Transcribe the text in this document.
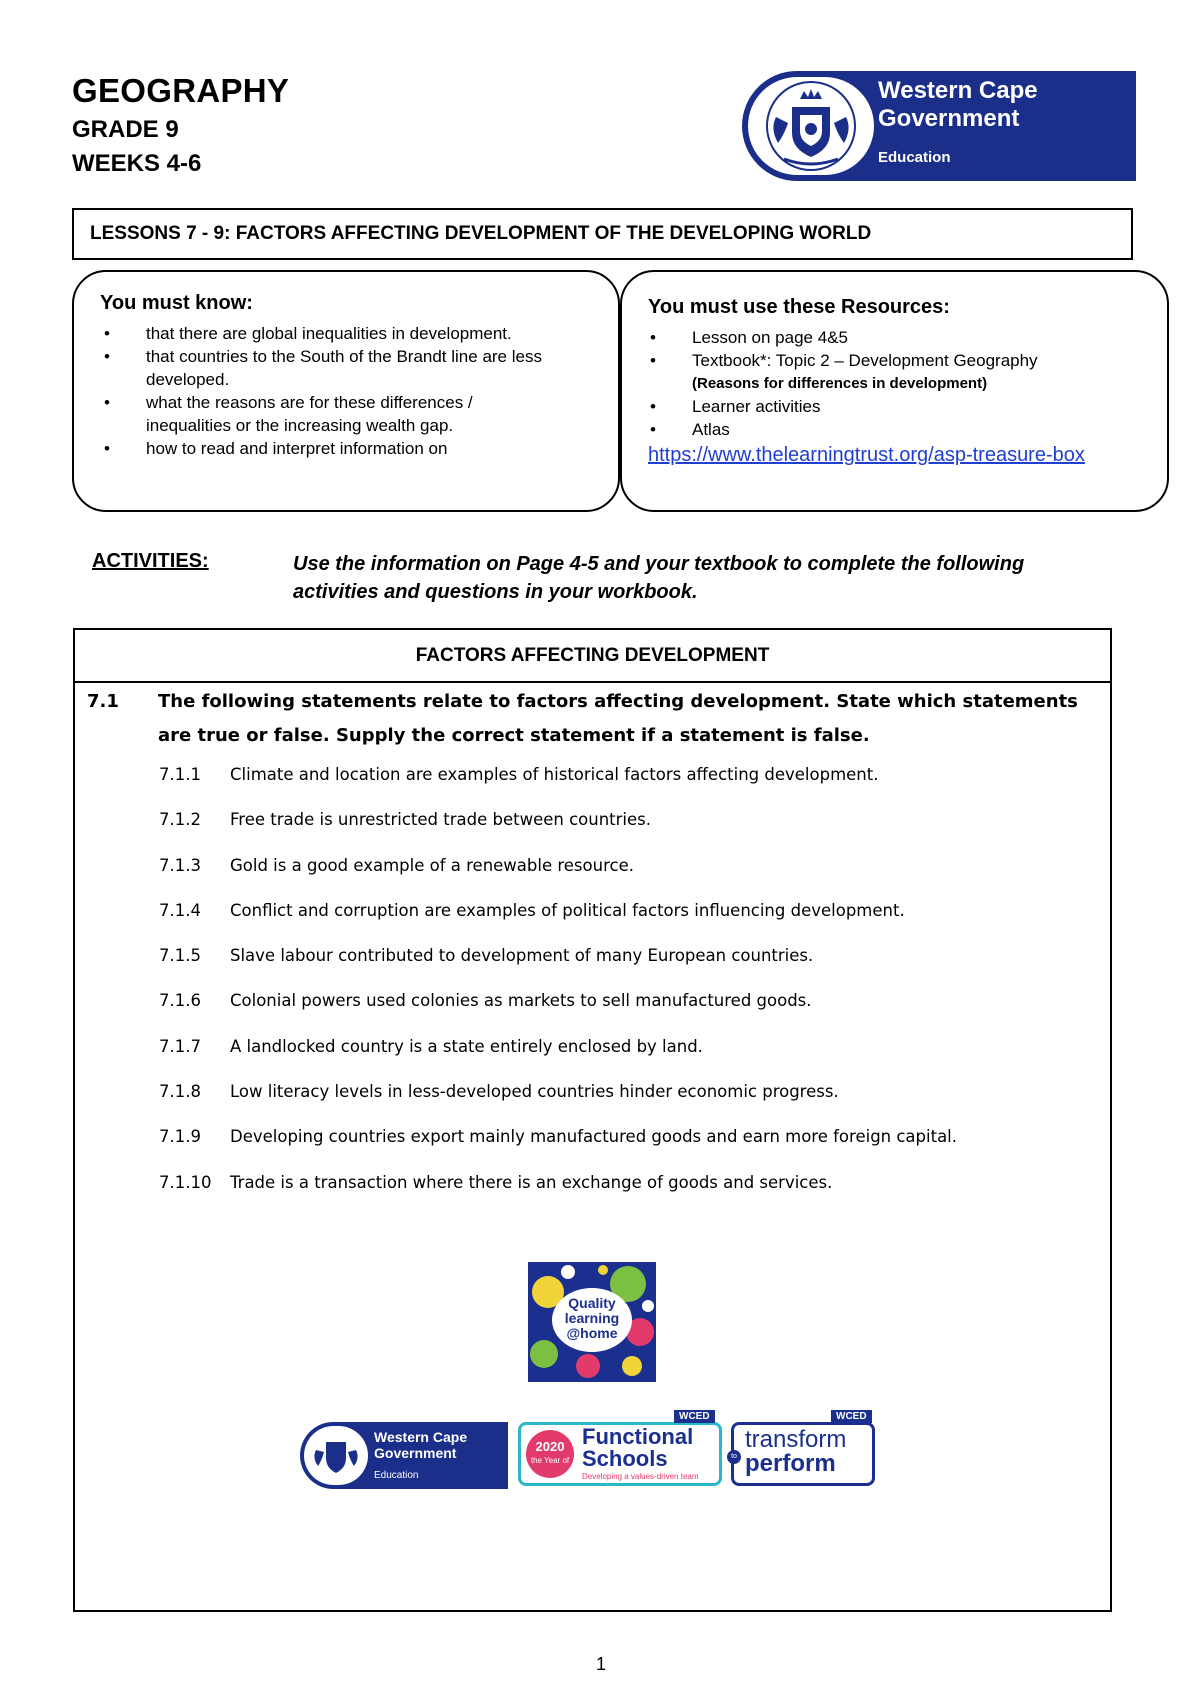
GEOGRAPHY
GRADE 9
WEEKS 4-6
Western Cape
Government
Education
LESSONS 7 - 9: FACTORS AFFECTING DEVELOPMENT OF THE DEVELOPING WORLD
You must know:
• that there are global inequalities in development.
• that countries to the South of the Brandt line are less developed.
• what the reasons are for these differences / inequalities or the increasing wealth gap.
• how to read and interpret information on
You must use these Resources:
• Lesson on page 4&5
• Textbook*: Topic 2 – Development Geography
(Reasons for differences in development)
• Learner activities
• Atlas
https://www.thelearningtrust.org/asp-treasure-box
ACTIVITIES:	Use the information on Page 4-5 and your textbook to complete the following activities and questions in your workbook.
FACTORS AFFECTING DEVELOPMENT
7.1 The following statements relate to factors affecting development. State which statements are true or false. Supply the correct statement if a statement is false.
7.1.1	Climate and location are examples of historical factors affecting development.
7.1.2	Free trade is unrestricted trade between countries.
7.1.3	Gold is a good example of a renewable resource.
7.1.4	Conflict and corruption are examples of political factors influencing development.
7.1.5	Slave labour contributed to development of many European countries.
7.1.6	Colonial powers used colonies as markets to sell manufactured goods.
7.1.7	A landlocked country is a state entirely enclosed by land.
7.1.8	Low literacy levels in less-developed countries hinder economic progress.
7.1.9	Developing countries export mainly manufactured goods and earn more foreign capital.
7.1.10	Trade is a transaction where there is an exchange of goods and services.
Quality
learning
@home
Western Cape
Government
Education
WCED
2020
the Year of
Functional
Schools
Developing a values-driven team
WCED
to
transform
perform
1
